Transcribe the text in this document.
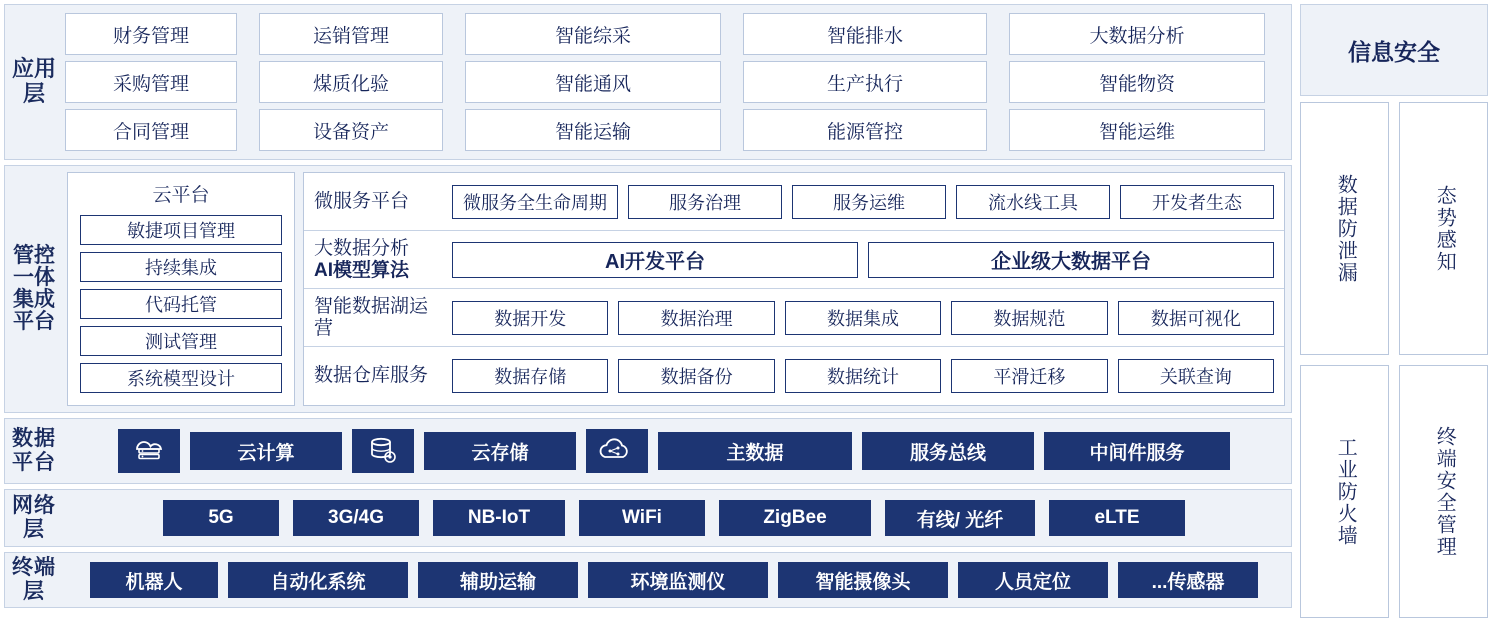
应用层
财务管理	运销管理	智能综采	智能排水	大数据分析
采购管理	煤质化验	智能通风	生产执行	智能物资
合同管理	设备资产	智能运输	能源管控	智能运维
管控一体集成平台
云平台
敏捷项目管理
持续集成
代码托管
测试管理
系统模型设计
微服务平台	微服务全生命周期	服务治理	服务运维	流水线工具	开发者生态
大数据分析
AI模型算法	AI开发平台	企业级大数据平台
智能数据湖运营	数据开发	数据治理	数据集成	数据规范	数据可视化
数据仓库服务	数据存储	数据备份	数据统计	平滑迁移	关联查询
数据平台	云计算	云存储	主数据	服务总线	中间件服务
网络层
5G	3G/4G	NB-IoT	WiFi	ZigBee	有线/ 光纤	eLTE
终端层	机器人	自动化系统	辅助运输	环境监测仪	智能摄像头	人员定位	...传感器
信息安全
数据防泄漏	态势感知
工业防火墙	终端安全管理
